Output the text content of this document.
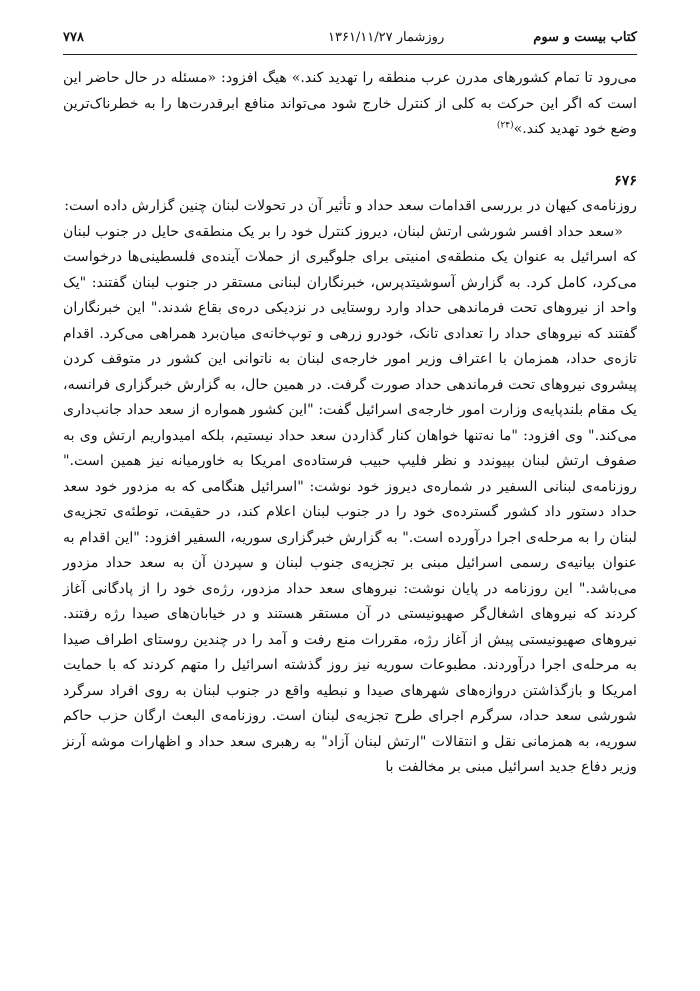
۷۷۸	روزشمار ۱۳۶۱/۱۱/۲۷	کتاب بیست و سوم

می‌رود تا تمام کشورهای مدرن عرب منطقه را تهدید کند.» هیگ افزود: «مسئله در حال حاضر این است که اگر این حرکت به کلی از کنترل خارج شود می‌تواند منافع ابرقدرت‌ها را به خطرناک‌ترین وضع خود تهدید کند.»$^{(۲۴)}$

۶۷۶

روزنامه‌ی کیهان در بررسی اقدامات سعد حداد و تأثیر آن در تحولات لبنان چنین گزارش داده است:

«سعد حداد افسر شورشی ارتش لبنان، دیروز کنترل خود را بر یک منطقه‌ی حایل در جنوب لبنان که اسرائیل به عنوان یک منطقه‌ی امنیتی برای جلوگیری از حملات آینده‌ی فلسطینی‌ها درخواست می‌کرد، کامل کرد. به گزارش آسوشیتدپرس، خبرنگاران لبنانی مستقر در جنوب لبنان گفتند: "یک واحد از نیروهای تحت فرماندهی حداد وارد روستایی در نزدیکی دره‌ی بقاع شدند." این خبرنگاران گفتند که نیروهای حداد را تعدادی تانک، خودرو زرهی و توپ‌خانه‌ی میان‌برد همراهی می‌کرد. اقدام تازه‌ی حداد، همزمان با اعتراف وزیر امور خارجه‌ی لبنان به ناتوانی این کشور در متوقف کردن پیشروی نیروهای تحت فرماندهی حداد صورت گرفت. در همین حال، به گزارش خبرگزاری فرانسه، یک مقام بلندپایه‌ی وزارت امور خارجه‌ی اسرائیل گفت: "این کشور همواره از سعد حداد جانب‌داری می‌کند." وی افزود: "ما نه‌تنها خواهان کنار گذاردن سعد حداد نیستیم، بلکه امیدواریم ارتش وی به صفوف ارتش لبنان بپیوندد و نظر فلیپ حبیب فرستاده‌ی امریکا به خاورمیانه نیز همین است." روزنامه‌ی لبنانی السفیر در شماره‌ی دیروز خود نوشت: "اسرائیل هنگامی که به مزدور خود سعد حداد دستور داد کشور گسترده‌ی خود را در جنوب لبنان اعلام کند، در حقیقت، توطئه‌ی تجزیه‌ی لبنان را به مرحله‌ی اجرا درآورده است." به گزارش خبرگزاری سوریه، السفیر افزود: "این اقدام به عنوان بیانیه‌ی رسمی اسرائیل مبنی بر تجزیه‌ی جنوب لبنان و سپردن آن به سعد حداد مزدور می‌باشد." این روزنامه در پایان نوشت: نیروهای سعد حداد مزدور، رژه‌ی خود را از پادگانی آغاز کردند که نیروهای اشغال‌گر صهیونیستی در آن مستقر هستند و در خیابان‌های صیدا رژه رفتند. نیروهای صهیونیستی پیش از آغاز رژه، مقررات منع رفت و آمد را در چندین روستای اطراف صیدا به مرحله‌ی اجرا درآوردند. مطبوعات سوریه نیز روز گذشته اسرائیل را متهم کردند که با حمایت امریکا و بازگذاشتن دروازه‌های شهرهای صیدا و نبطیه واقع در جنوب لبنان به روی افراد سرگرد شورشی سعد حداد، سرگرم اجرای طرح تجزیه‌ی لبنان است. روزنامه‌ی البعث ارگان حزب حاکم سوریه، به همزمانی نقل و انتقالات "ارتش لبنان آزاد" به رهبری سعد حداد و اظهارات موشه آرنز وزیر دفاع جدید اسرائیل مبنی بر مخالفت با
